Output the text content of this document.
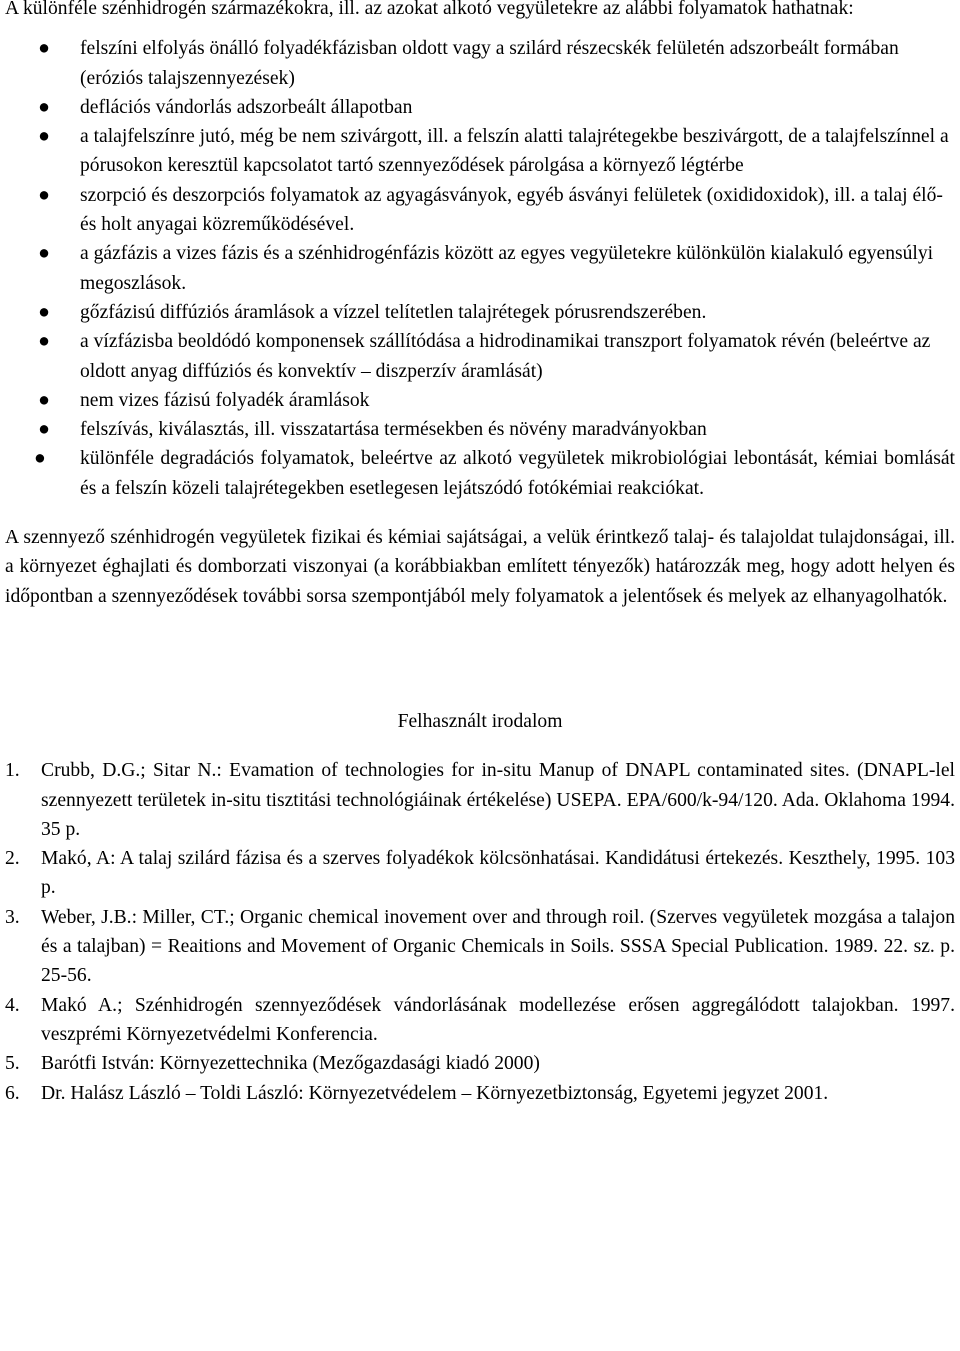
A különféle szénhidrogén származékokra, ill. az azokat alkotó vegyületekre az alábbi folyamatok hathatnak:

● felszíni elfolyás önálló folyadékfázisban oldott vagy a szilárd részecskék felületén adszorbeált formában (eróziós talajszennyezések)
● deflációs vándorlás adszorbeált állapotban
● a talajfelszínre jutó, még be nem szivárgott, ill. a felszín alatti talajrétegekbe beszivárgott, de a talajfelszínnel a pórusokon keresztül kapcsolatot tartó szennyeződések párolgása a környező légtérbe
● szorpció és deszorpciós folyamatok az agyagásványok, egyéb ásványi felületek (oxididoxidok), ill. a talaj élő- és holt anyagai közreműködésével.
● a gázfázis a vizes fázis és a szénhidrogénfázis között az egyes vegyületekre különkülön kialakuló egyensúlyi megoszlások.
● gőzfázisú diffúziós áramlások a vízzel telítetlen talajrétegek pórusrendszerében.
● a vízfázisba beoldódó komponensek szállítódása a hidrodinamikai transzport folyamatok révén (beleértve az oldott anyag diffúziós és konvektív – diszperzív áramlását)
● nem vizes fázisú folyadék áramlások
● felszívás, kiválasztás, ill. visszatartása termésekben és növény maradványokban
●	különféle degradációs folyamatok, beleértve az alkotó vegyületek mikrobiológiai lebontását, kémiai bomlását és a felszín közeli talajrétegekben esetlegesen lejátszódó fotókémiai reakciókat.

A szennyező szénhidrogén vegyületek fizikai és kémiai sajátságai, a velük érintkező talaj- és talajoldat tulajdonságai, ill. a környezet éghajlati és domborzati viszonyai (a korábbiakban említett tényezők) határozzák meg, hogy adott helyen és időpontban a szennyeződések további sorsa szempontjából mely folyamatok a jelentősek és melyek az elhanyagolhatók.

Felhasznált irodalom

1. Crubb, D.G.; Sitar N.: Evamation of technologies for in-situ Manup of DNAPL contaminated sites. (DNAPL-lel szennyezett területek in-situ tisztitási technológiáinak értékelése) USEPA. EPA/600/k-94/120. Ada. Oklahoma 1994. 35 p.
2. Makó, A: A talaj szilárd fázisa és a szerves folyadékok kölcsönhatásai. Kandidátusi értekezés. Keszthely, 1995. 103 p.
3. Weber, J.B.: Miller, CT.; Organic chemical inovement over and through roil. (Szerves vegyületek mozgása a talajon és a talajban) = Reaitions and Movement of Organic Chemicals in Soils. SSSA Special Publication. 1989. 22. sz. p. 25-56.
4. Makó A.; Szénhidrogén szennyeződések vándorlásának modellezése erősen aggregálódott talajokban. 1997. veszprémi Környezetvédelmi Konferencia.
5. Barótfi István: Környezettechnika (Mezőgazdasági kiadó 2000)
6. Dr. Halász László – Toldi László: Környezetvédelem – Környezetbiztonság, Egyetemi jegyzet 2001.
